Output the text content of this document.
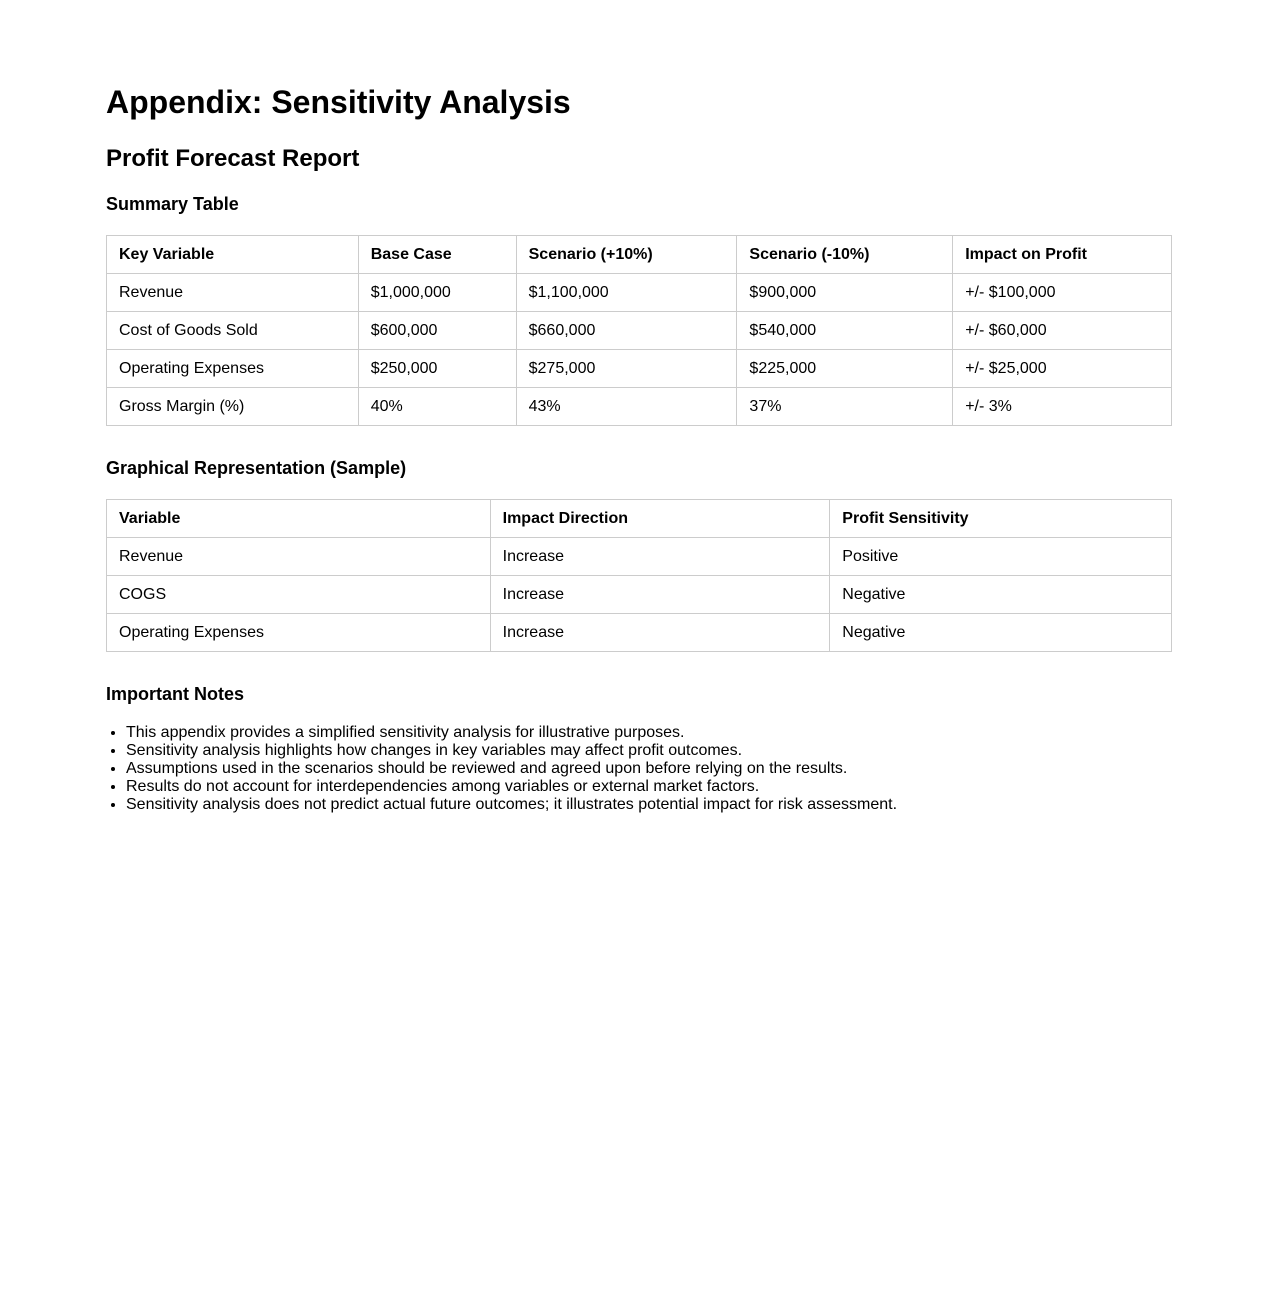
Appendix: Sensitivity Analysis
Profit Forecast Report
Summary Table
Key Variable	Base Case	Scenario (+10%)	Scenario (-10%)	Impact on Profit
Revenue	$1,000,000	$1,100,000	$900,000	+/- $100,000
Cost of Goods Sold	$600,000	$660,000	$540,000	+/- $60,000
Operating Expenses	$250,000	$275,000	$225,000	+/- $25,000
Gross Margin (%)	40%	43%	37%	+/- 3%
Graphical Representation (Sample)
Variable	Impact Direction	Profit Sensitivity
Revenue	Increase	Positive
COGS	Increase	Negative
Operating Expenses	Increase	Negative
Important Notes
• This appendix provides a simplified sensitivity analysis for illustrative purposes.
• Sensitivity analysis highlights how changes in key variables may affect profit outcomes.
• Assumptions used in the scenarios should be reviewed and agreed upon before relying on the results.
• Results do not account for interdependencies among variables or external market factors.
• Sensitivity analysis does not predict actual future outcomes; it illustrates potential impact for risk assessment.
